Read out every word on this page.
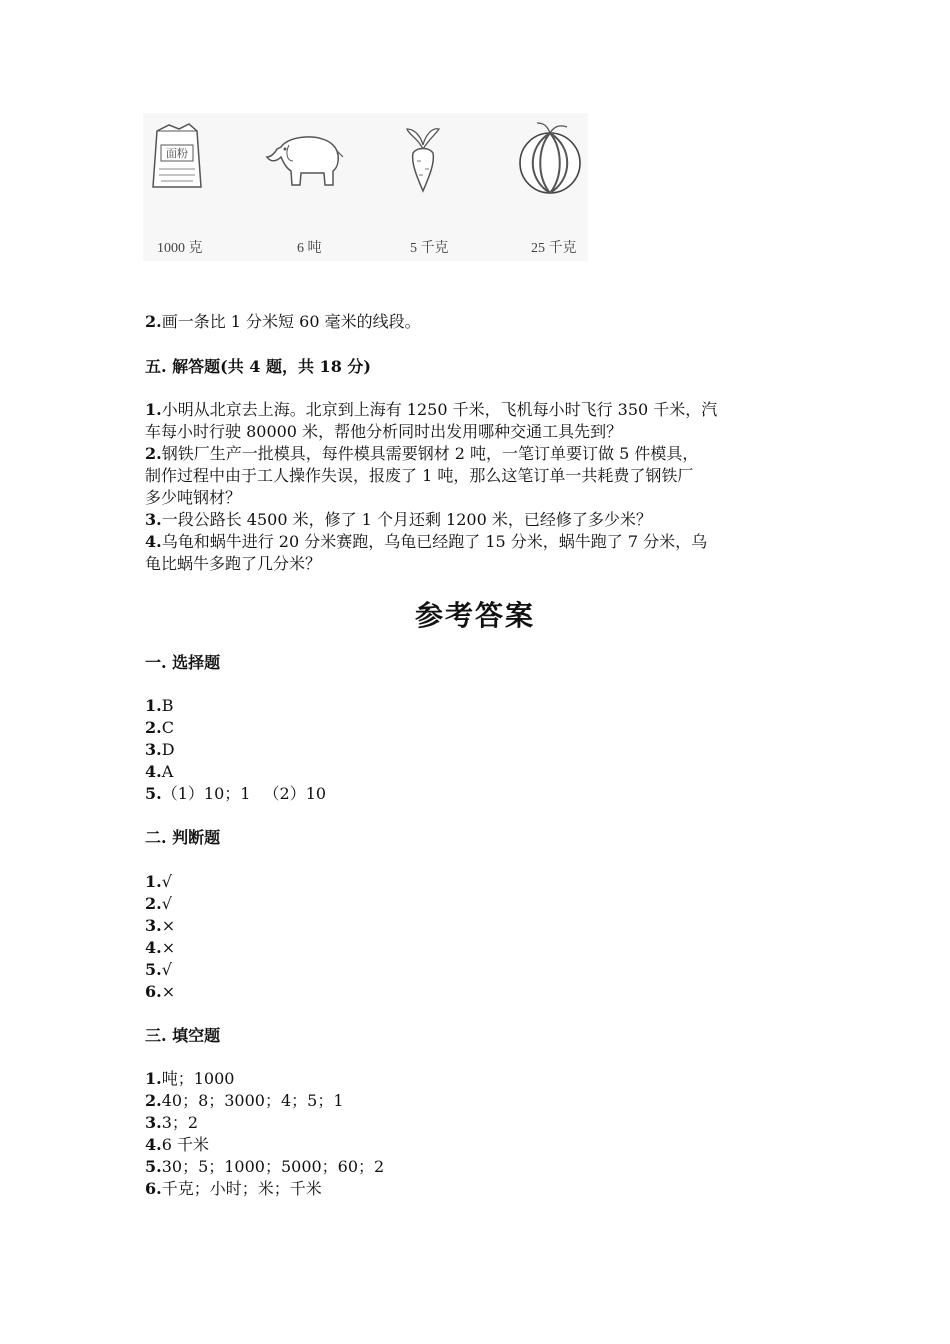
面粉
1000 克	6 吨	5 千克	25 千克
2.画一条比 1 分米短 60 毫米的线段。
五. 解答题(共 4 题，共 18 分)
1.小明从北京去上海。北京到上海有 1250 千米，飞机每小时飞行 350 千米，汽
车每小时行驶 80000 米，帮他分析同时出发用哪种交通工具先到？
2.钢铁厂生产一批模具，每件模具需要钢材 2 吨，一笔订单要订做 5 件模具，
制作过程中由于工人操作失误，报废了 1 吨，那么这笔订单一共耗费了钢铁厂
多少吨钢材？
3.一段公路长 4500 米，修了 1 个月还剩 1200 米，已经修了多少米？
4.乌龟和蜗牛进行 20 分米赛跑，乌龟已经跑了 15 分米，蜗牛跑了 7 分米，乌
龟比蜗牛多跑了几分米？
参考答案
一. 选择题
1.B
2.C
3.D
4.A
5.（1）10；1 　（2）10
二. 判断题
1.√
2.√
3.×
4.×
5.√
6.×
三. 填空题
1.吨；1000
2.40；8；3000；4；5；1
3.3；2
4.6 千米
5.30；5；1000；5000；60；2
6.千克；小时；米；千米
